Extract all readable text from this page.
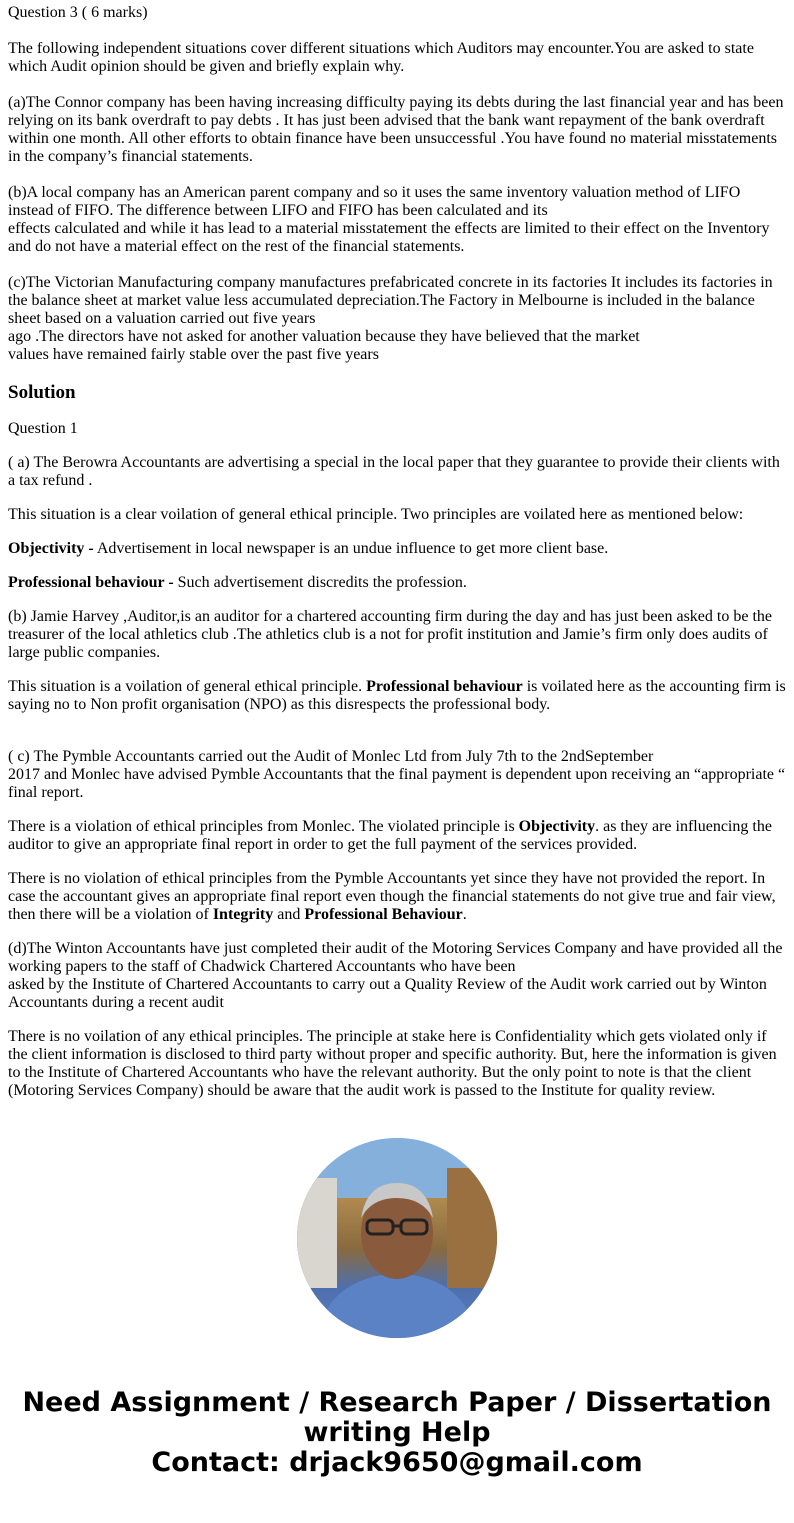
Question 3 ( 6 marks)

The following independent situations cover different situations which Auditors may encounter.You are asked to state which Audit opinion should be given and briefly explain why.

(a)The Connor company has been having increasing difficulty paying its debts during the last financial year and has been relying on its bank overdraft to pay debts . It has just been advised that the bank want repayment of the bank overdraft within one month. All other efforts to obtain finance have been unsuccessful .You have found no material misstatements in the company’s financial statements.

(b)A local company has an American parent company and so it uses the same inventory valuation method of LIFO instead of FIFO. The difference between LIFO and FIFO has been calculated and its
effects calculated and while it has lead to a material misstatement the effects are limited to their effect on the Inventory and do not have a material effect on the rest of the financial statements.

(c)The Victorian Manufacturing company manufactures prefabricated concrete in its factories It includes its factories in the balance sheet at market value less accumulated depreciation.The Factory in Melbourne is included in the balance sheet based on a valuation carried out five years
ago .The directors have not asked for another valuation because they have believed that the market
values have remained fairly stable over the past five years

Solution

Question 1

( a) The Berowra Accountants are advertising a special in the local paper that they guarantee to provide their clients with a tax refund .

This situation is a clear voilation of general ethical principle. Two principles are voilated here as mentioned below:

Objectivity - Advertisement in local newspaper is an undue influence to get more client base.

Professional behaviour - Such advertisement discredits the profession.

(b) Jamie Harvey ,Auditor,is an auditor for a chartered accounting firm during the day and has just been asked to be the treasurer of the local athletics club .The athletics club is a not for profit institution and Jamie’s firm only does audits of large public companies.

This situation is a voilation of general ethical principle. Professional behaviour is voilated here as the accounting firm is saying no to Non profit organisation (NPO) as this disrespects the professional body.

( c) The Pymble Accountants carried out the Audit of Monlec Ltd from July 7th to the 2ndSeptember
2017 and Monlec have advised Pymble Accountants that the final payment is dependent upon receiving an “appropriate “ final report.

There is a violation of ethical principles from Monlec. The violated principle is Objectivity. as they are influencing the auditor to give an appropriate final report in order to get the full payment of the services provided.

There is no violation of ethical principles from the Pymble Accountants yet since they have not provided the report. In case the accountant gives an appropriate final report even though the financial statements do not give true and fair view, then there will be a violation of Integrity and Professional Behaviour.

(d)The Winton Accountants have just completed their audit of the Motoring Services Company and have provided all the working papers to the staff of Chadwick Chartered Accountants who have been
asked by the Institute of Chartered Accountants to carry out a Quality Review of the Audit work carried out by Winton Accountants during a recent audit

There is no voilation of any ethical principles. The principle at stake here is Confidentiality which gets violated only if the client information is disclosed to third party without proper and specific authority. But, here the information is given to the Institute of Chartered Accountants who have the relevant authority. But the only point to note is that the client (Motoring Services Company) should be aware that the audit work is passed to the Institute for quality review.

Need Assignment / Research Paper / Dissertation writing Help
Contact: drjack9650@gmail.com
